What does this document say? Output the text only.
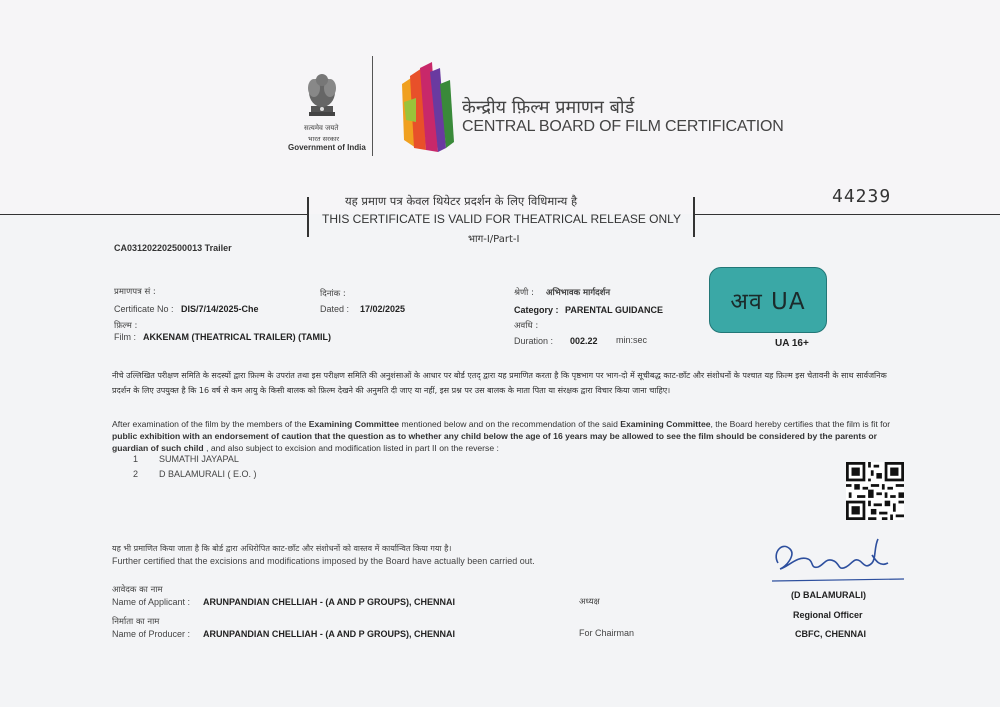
सत्यमेव जयते
भारत सरकार
Government of India
केन्द्रीय फ़िल्म प्रमाणन बोर्ड
CENTRAL BOARD OF FILM CERTIFICATION
44239
यह प्रमाण पत्र केवल थियेटर प्रदर्शन के लिए विधिमान्य है
THIS CERTIFICATE IS VALID FOR THEATRICAL RELEASE ONLY
भाग-I/Part-I
CA031202202500013 Trailer
प्रमाणपत्र सं :
Certificate No : DIS/7/14/2025-Che
दिनांक :
Dated : 17/02/2025
श्रेणी : अभिभावक मार्गदर्शन
Category : PARENTAL GUIDANCE
फ़िल्म :
Film : AKKENAM (THEATRICAL TRAILER) (TAMIL)
अवधि :
Duration : 002.22 min:sec
अव UA
UA 16+
नीचे उल्लिखित परीक्षण समिति के सदस्यों द्वारा फ़िल्म के उपरांत तथा इस परीक्षण समिति की अनुशंसाओं के आधार पर बोर्ड एतद् द्वारा यह प्रमाणित करता है कि पृष्ठभाग पर भाग-दो में सूचीबद्ध काट-छाँट और संशोधनों के पश्चात यह फ़िल्म इस चेतावनी के साथ सार्वजनिक प्रदर्शन के लिए उपयुक्त है कि 16 वर्ष से कम आयु के किसी बालक को फ़िल्म देखने की अनुमति दी जाए या नहीं, इस प्रश्न पर उस बालक के माता पिता या संरक्षक द्वारा विचार किया जाना चाहिए।
After examination of the film by the members of the Examining Committee mentioned below and on the recommendation of the said Examining Committee, the Board hereby certifies that the film is fit for public exhibition with an endorsement of caution that the question as to whether any child below the age of 16 years may be allowed to see the film should be considered by the parents or guardian of such child , and also subject to excision and modification listed in part II on the reverse :
1 SUMATHI JAYAPAL
2 D BALAMURALI ( E.O. )
यह भी प्रमाणित किया जाता है कि बोर्ड द्वारा अधिरोपित काट-छाँट और संशोधनों को वास्तव में कार्यान्वित किया गया है।
Further certified that the excisions and modifications imposed by the Board have actually been carried out.
आवेदक का नाम
Name of Applicant : ARUNPANDIAN CHELLIAH - (A AND P GROUPS), CHENNAI
निर्माता का नाम
Name of Producer : ARUNPANDIAN CHELLIAH - (A AND P GROUPS), CHENNAI
अध्यक्ष
For Chairman
(D BALAMURALI)
Regional Officer
CBFC, CHENNAI
